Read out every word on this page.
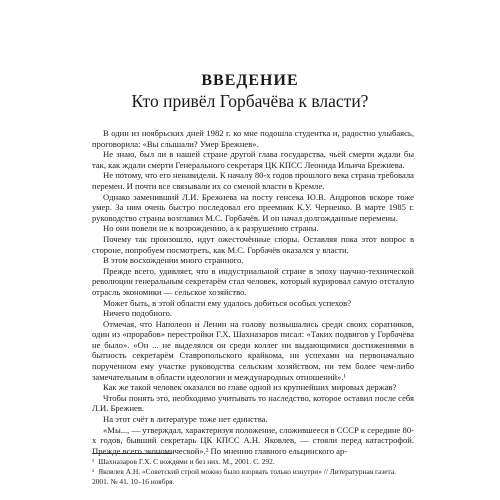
ВВЕДЕНИЕ
Кто привёл Горбачёва к власти?

В один из ноябрьских дней 1982 г. ко мне подошла студентка и, радостно улыбаясь, проговорила: «Вы слышали? Умер Брежнев».

Не знаю, был ли в нашей стране другой глава государства, чьей смерти ждали бы так, как ждали смерти Генерального секретаря ЦК КПСС Леонида Ильича Брежнева.

Не потому, что его ненавидели. К началу 80-х годов прошлого века страна требовала перемен. И почти все связывали их со сменой власти в Кремле.

Однако заменивший Л.И. Брежнева на посту генсека Ю.В. Андропов вскоре тоже умер. За ним очень быстро последовал его преемник К.У. Черненко. В марте 1985 г. руководство страны возглавил М.С. Горбачёв. И он начал долгожданные перемены.

Но они повели не к возрождению, а к разрушению страны.

Почему так произошло, идут ожесточённые споры. Оставляя пока этот вопрос в стороне, попробуем посмотреть, как М.С. Горбачёв оказался у власти.

В этом восхождении много странного.

Прежде всего, удивляет, что в индустриальной стране в эпоху научно-технической революции генеральным секретарём стал человек, который курировал самую отсталую отрасль экономики — сельское хозяйство.

Может быть, в этой области ему удалось добиться особых успехов?

Ничего подобного.

Отмечая, что Наполеон и Ленин на голову возвышались среди своих соратников, один из «прорабов» перестройки Г.Х. Шахназаров писал: «Таких подвигов у Горбачёва не было». «Он ... не выделялся он среди коллег ни выдающимися достижениями в бытность секретарём Ставропольского крайкома, ни успехами на первоначально порученном ему участке руководства сельским хозяйством, ни тем более чем-либо замечательным в области идеологии и международных отношений».¹

Как же такой человек оказался во главе одной из крупнейших мировых держав?

Чтобы понять это, необходимо учитывать то наследство, которое оставил после себя Л.И. Брежнев.

На этот счёт в литературе тоже нет единства.

«Мы..., — утверждал, характеризуя положение, сложившееся в СССР к середине 80-х годов, бывший секретарь ЦК КПСС А.Н. Яковлев, — стояли перед катастрофой. Прежде всего экономической».² По мнению главного ельцинского ар-

¹ Шахназаров Г.Х. С вождями и без них. М., 2001. С. 292.

² Яковлев А.Н. «Советский строй можно было взорвать только изнутри» // Литературная газета. 2001. № 41. 10–16 ноября.
